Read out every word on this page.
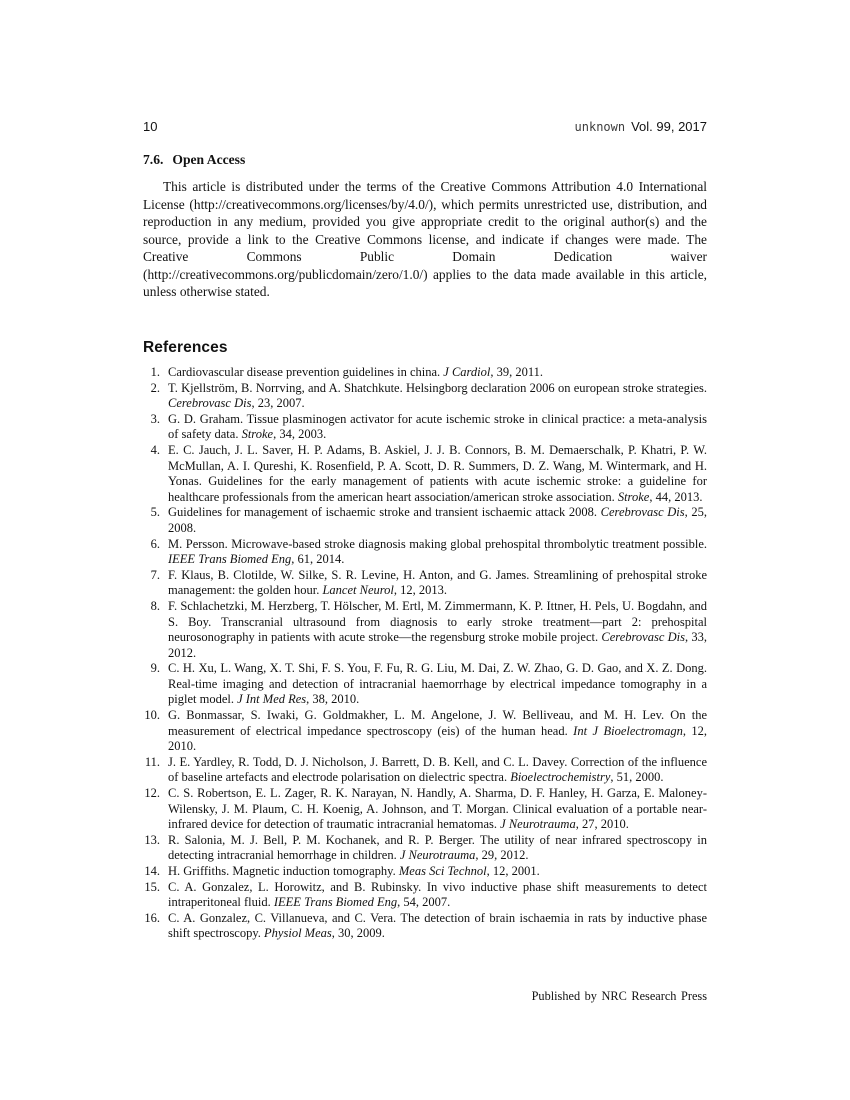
10	unknown Vol. 99, 2017
7.6. Open Access

This article is distributed under the terms of the Creative Commons Attribution 4.0 International License (http://creativecommons.org/licenses/by/4.0/), which permits unrestricted use, distribution, and reproduction in any medium, provided you give appropriate credit to the original author(s) and the source, provide a link to the Creative Commons license, and indicate if changes were made. The Creative Commons Public Domain Dedication waiver (http://creativecommons.org/publicdomain/zero/1.0/) applies to the data made available in this article, unless otherwise stated.

References
1. Cardiovascular disease prevention guidelines in china. J Cardiol, 39, 2011.
2. T. Kjellström, B. Norrving, and A. Shatchkute. Helsingborg declaration 2006 on european stroke strategies. Cerebrovasc Dis, 23, 2007.
3. G. D. Graham. Tissue plasminogen activator for acute ischemic stroke in clinical practice: a meta-analysis of safety data. Stroke, 34, 2003.
4. E. C. Jauch, J. L. Saver, H. P. Adams, B. Askiel, J. J. B. Connors, B. M. Demaerschalk, P. Khatri, P. W. McMullan, A. I. Qureshi, K. Rosenfield, P. A. Scott, D. R. Summers, D. Z. Wang, M. Wintermark, and H. Yonas. Guidelines for the early management of patients with acute ischemic stroke: a guideline for healthcare professionals from the american heart association/american stroke association. Stroke, 44, 2013.
5. Guidelines for management of ischaemic stroke and transient ischaemic attack 2008. Cerebrovasc Dis, 25, 2008.
6. M. Persson. Microwave-based stroke diagnosis making global prehospital thrombolytic treatment possible. IEEE Trans Biomed Eng, 61, 2014.
7. F. Klaus, B. Clotilde, W. Silke, S. R. Levine, H. Anton, and G. James. Streamlining of prehospital stroke management: the golden hour. Lancet Neurol, 12, 2013.
8. F. Schlachetzki, M. Herzberg, T. Hölscher, M. Ertl, M. Zimmermann, K. P. Ittner, H. Pels, U. Bogdahn, and S. Boy. Transcranial ultrasound from diagnosis to early stroke treatment—part 2: prehospital neurosonography in patients with acute stroke—the regensburg stroke mobile project. Cerebrovasc Dis, 33, 2012.
9. C. H. Xu, L. Wang, X. T. Shi, F. S. You, F. Fu, R. G. Liu, M. Dai, Z. W. Zhao, G. D. Gao, and X. Z. Dong. Real-time imaging and detection of intracranial haemorrhage by electrical impedance tomography in a piglet model. J Int Med Res, 38, 2010.
10. G. Bonmassar, S. Iwaki, G. Goldmakher, L. M. Angelone, J. W. Belliveau, and M. H. Lev. On the measurement of electrical impedance spectroscopy (eis) of the human head. Int J Bioelectromagn, 12, 2010.
11. J. E. Yardley, R. Todd, D. J. Nicholson, J. Barrett, D. B. Kell, and C. L. Davey. Correction of the influence of baseline artefacts and electrode polarisation on dielectric spectra. Bioelectrochemistry, 51, 2000.
12. C. S. Robertson, E. L. Zager, R. K. Narayan, N. Handly, A. Sharma, D. F. Hanley, H. Garza, E. Maloney-Wilensky, J. M. Plaum, C. H. Koenig, A. Johnson, and T. Morgan. Clinical evaluation of a portable near-infrared device for detection of traumatic intracranial hematomas. J Neurotrauma, 27, 2010.
13. R. Salonia, M. J. Bell, P. M. Kochanek, and R. P. Berger. The utility of near infrared spectroscopy in detecting intracranial hemorrhage in children. J Neurotrauma, 29, 2012.
14. H. Griffiths. Magnetic induction tomography. Meas Sci Technol, 12, 2001.
15. C. A. Gonzalez, L. Horowitz, and B. Rubinsky. In vivo inductive phase shift measurements to detect intraperitoneal fluid. IEEE Trans Biomed Eng, 54, 2007.
16. C. A. Gonzalez, C. Villanueva, and C. Vera. The detection of brain ischaemia in rats by inductive phase shift spectroscopy. Physiol Meas, 30, 2009.
Published by NRC Research Press
